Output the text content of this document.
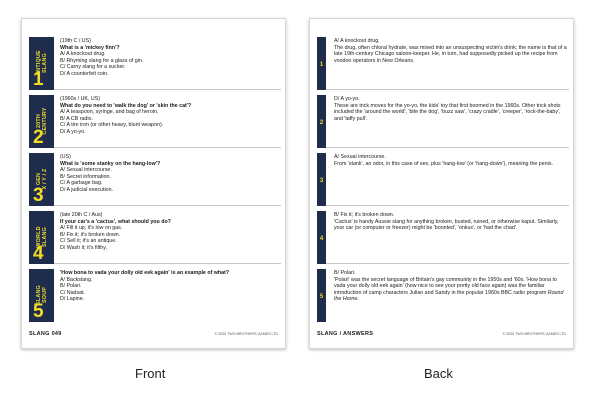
ANTIQUE SLANG
1
(19th C / US)
What is a 'mickey finn'?
A/ A knockout drug.
B/ Rhyming slang for a glass of gin.
C/ Carny slang for a sucker.
D/ A counterfeit coin.
20TH CENTURY
2
(1960s / UK, US)
What do you need to 'walk the dog' or 'skin the cat'?
A/ A teaspoon, syringe, and bag of heroin.
B/ A CB radio.
C/ A tire iron (or other heavy, blunt weapon).
D/ A yo-yo.
GEN X / Y / Z
3
(US)
What is 'some stanky on the hang-low'?
A/ Sexual intercourse.
B/ Secret information.
C/ A garbage bag.
D/ A judicial execution.
WORLD SLANG
4
(late 20th C / Aus)
If your car's a 'cactus', what should you do?
A/ Fill it up; it's low on gas.
B/ Fix it; it's broken down.
C/ Sell it; it's an antique.
D/ Wash it; it's filthy.
SLANG SOUP
5
'How bona to vada your dolly old eek again' is an example of what?
A/ Backslang.
B/ Polari.
C/ Nadsat.
D/ Lapine.
SLANG 049	© 2025 TWO BROTHERS GAMES LTD
1
A/ A knockout drug.
The drug, often chloral hydrate, was mixed into an unsuspecting victim's drink; the name is that of a late 19th-century Chicago saloon-keeper. He, in turn, had supposedly picked up the recipe from voodoo operators in New Orleans.
2
D/ A yo-yo.
These are trick moves for the yo-yo, the kids' toy that first boomed in the 1960s. Other trick shots included the 'around the world', 'bite the dog', 'buzz saw', 'crazy cradle', 'creeper', 'rock-the-baby', and 'taffy pull'.
3
A/ Sexual intercourse.
From 'stank', an odor, in this case of sex, plus 'hang-low' (or 'hang-down'), meaning the penis.
4
B/ Fix it; it's broken down.
'Cactus' is handy Aussie slang for anything broken, busted, ruined, or otherwise kaput. Similarly, your car (or computer or freezer) might be 'boonted', 'onkus', or 'had the chad'.
5
B/ Polari.
'Polari' was the secret language of Britain's gay community in the 1950s and '60s. 'How bona to vada your dolly old eek again' (how nice to see your pretty old face again) was the familiar introduction of camp characters Julian and Sandy in the popular 1960s BBC radio program Round the Horne.
SLANG / ANSWERS	© 2025 TWO BROTHERS GAMES LTD
Front	Back
